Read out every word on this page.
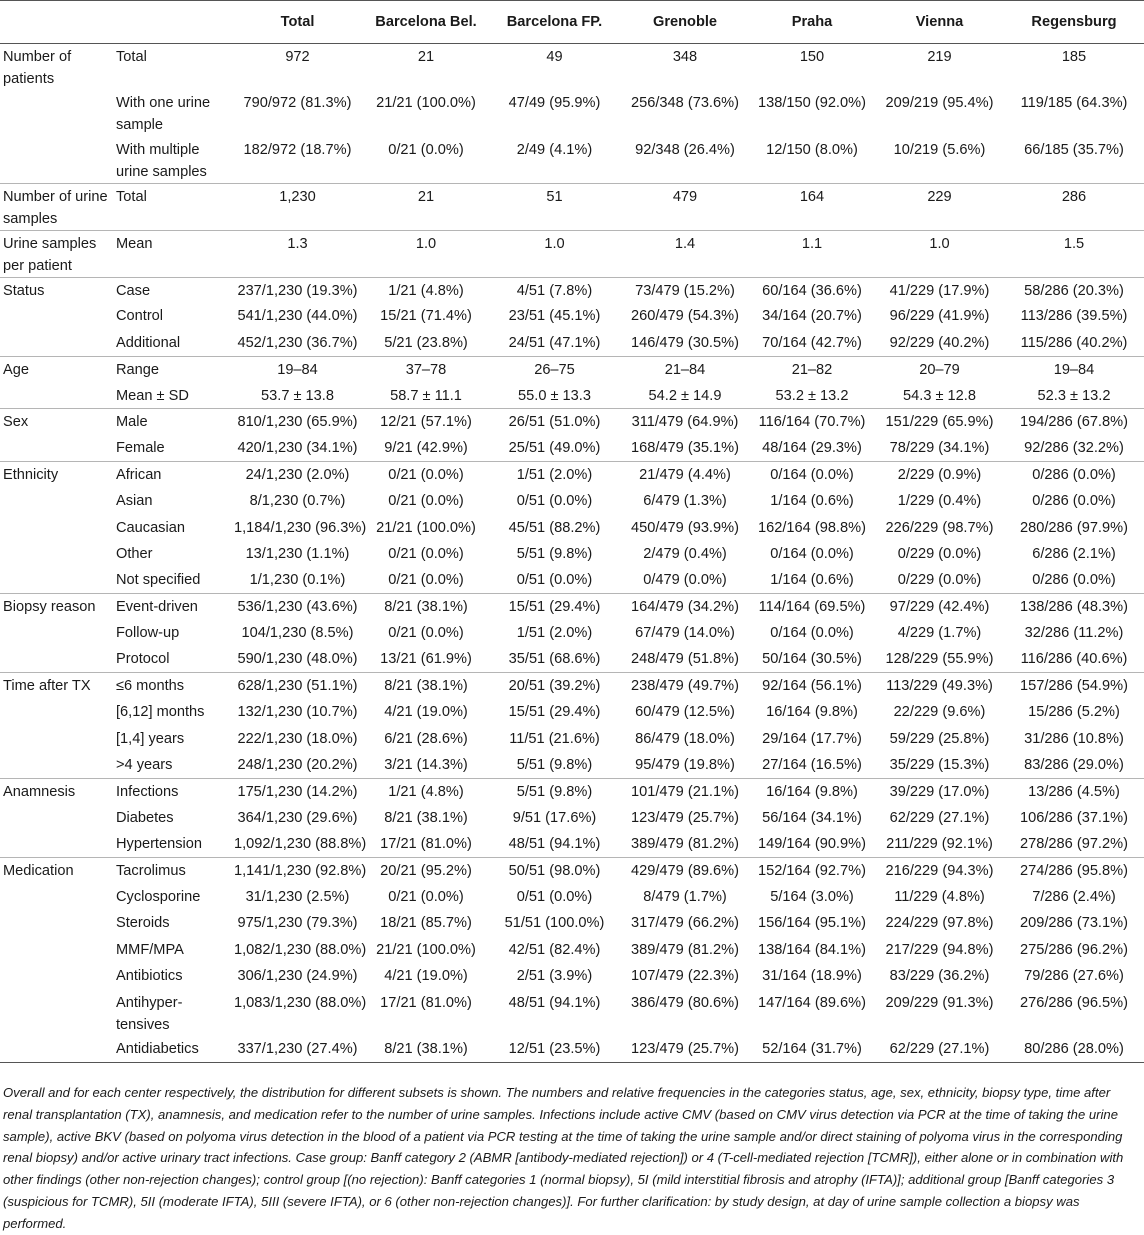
		Total	Barcelona Bel.	Barcelona FP.	Grenoble	Praha	Vienna	Regensburg
Number of patients	Total	972	21	49	348	150	219	185
	With one urine sample	790/972 (81.3%)	21/21 (100.0%)	47/49 (95.9%)	256/348 (73.6%)	138/150 (92.0%)	209/219 (95.4%)	119/185 (64.3%)
	With multiple urine samples	182/972 (18.7%)	0/21 (0.0%)	2/49 (4.1%)	92/348 (26.4%)	12/150 (8.0%)	10/219 (5.6%)	66/185 (35.7%)
Number of urine samples	Total	1,230	21	51	479	164	229	286
Urine samples per patient	Mean	1.3	1.0	1.0	1.4	1.1	1.0	1.5
Status	Case	237/1,230 (19.3%)	1/21 (4.8%)	4/51 (7.8%)	73/479 (15.2%)	60/164 (36.6%)	41/229 (17.9%)	58/286 (20.3%)
	Control	541/1,230 (44.0%)	15/21 (71.4%)	23/51 (45.1%)	260/479 (54.3%)	34/164 (20.7%)	96/229 (41.9%)	113/286 (39.5%)
	Additional	452/1,230 (36.7%)	5/21 (23.8%)	24/51 (47.1%)	146/479 (30.5%)	70/164 (42.7%)	92/229 (40.2%)	115/286 (40.2%)
Age	Range	19–84	37–78	26–75	21–84	21–82	20–79	19–84
	Mean ± SD	53.7 ± 13.8	58.7 ± 11.1	55.0 ± 13.3	54.2 ± 14.9	53.2 ± 13.2	54.3 ± 12.8	52.3 ± 13.2
Sex	Male	810/1,230 (65.9%)	12/21 (57.1%)	26/51 (51.0%)	311/479 (64.9%)	116/164 (70.7%)	151/229 (65.9%)	194/286 (67.8%)
	Female	420/1,230 (34.1%)	9/21 (42.9%)	25/51 (49.0%)	168/479 (35.1%)	48/164 (29.3%)	78/229 (34.1%)	92/286 (32.2%)
Ethnicity	African	24/1,230 (2.0%)	0/21 (0.0%)	1/51 (2.0%)	21/479 (4.4%)	0/164 (0.0%)	2/229 (0.9%)	0/286 (0.0%)
	Asian	8/1,230 (0.7%)	0/21 (0.0%)	0/51 (0.0%)	6/479 (1.3%)	1/164 (0.6%)	1/229 (0.4%)	0/286 (0.0%)
	Caucasian	1,184/1,230 (96.3%)	21/21 (100.0%)	45/51 (88.2%)	450/479 (93.9%)	162/164 (98.8%)	226/229 (98.7%)	280/286 (97.9%)
	Other	13/1,230 (1.1%)	0/21 (0.0%)	5/51 (9.8%)	2/479 (0.4%)	0/164 (0.0%)	0/229 (0.0%)	6/286 (2.1%)
	Not specified	1/1,230 (0.1%)	0/21 (0.0%)	0/51 (0.0%)	0/479 (0.0%)	1/164 (0.6%)	0/229 (0.0%)	0/286 (0.0%)
Biopsy reason	Event-driven	536/1,230 (43.6%)	8/21 (38.1%)	15/51 (29.4%)	164/479 (34.2%)	114/164 (69.5%)	97/229 (42.4%)	138/286 (48.3%)
	Follow-up	104/1,230 (8.5%)	0/21 (0.0%)	1/51 (2.0%)	67/479 (14.0%)	0/164 (0.0%)	4/229 (1.7%)	32/286 (11.2%)
	Protocol	590/1,230 (48.0%)	13/21 (61.9%)	35/51 (68.6%)	248/479 (51.8%)	50/164 (30.5%)	128/229 (55.9%)	116/286 (40.6%)
Time after TX	≤6 months	628/1,230 (51.1%)	8/21 (38.1%)	20/51 (39.2%)	238/479 (49.7%)	92/164 (56.1%)	113/229 (49.3%)	157/286 (54.9%)
	[6,12] months	132/1,230 (10.7%)	4/21 (19.0%)	15/51 (29.4%)	60/479 (12.5%)	16/164 (9.8%)	22/229 (9.6%)	15/286 (5.2%)
	[1,4] years	222/1,230 (18.0%)	6/21 (28.6%)	11/51 (21.6%)	86/479 (18.0%)	29/164 (17.7%)	59/229 (25.8%)	31/286 (10.8%)
	>4 years	248/1,230 (20.2%)	3/21 (14.3%)	5/51 (9.8%)	95/479 (19.8%)	27/164 (16.5%)	35/229 (15.3%)	83/286 (29.0%)
Anamnesis	Infections	175/1,230 (14.2%)	1/21 (4.8%)	5/51 (9.8%)	101/479 (21.1%)	16/164 (9.8%)	39/229 (17.0%)	13/286 (4.5%)
	Diabetes	364/1,230 (29.6%)	8/21 (38.1%)	9/51 (17.6%)	123/479 (25.7%)	56/164 (34.1%)	62/229 (27.1%)	106/286 (37.1%)
	Hypertension	1,092/1,230 (88.8%)	17/21 (81.0%)	48/51 (94.1%)	389/479 (81.2%)	149/164 (90.9%)	211/229 (92.1%)	278/286 (97.2%)
Medication	Tacrolimus	1,141/1,230 (92.8%)	20/21 (95.2%)	50/51 (98.0%)	429/479 (89.6%)	152/164 (92.7%)	216/229 (94.3%)	274/286 (95.8%)
	Cyclosporine	31/1,230 (2.5%)	0/21 (0.0%)	0/51 (0.0%)	8/479 (1.7%)	5/164 (3.0%)	11/229 (4.8%)	7/286 (2.4%)
	Steroids	975/1,230 (79.3%)	18/21 (85.7%)	51/51 (100.0%)	317/479 (66.2%)	156/164 (95.1%)	224/229 (97.8%)	209/286 (73.1%)
	MMF/MPA	1,082/1,230 (88.0%)	21/21 (100.0%)	42/51 (82.4%)	389/479 (81.2%)	138/164 (84.1%)	217/229 (94.8%)	275/286 (96.2%)
	Antibiotics	306/1,230 (24.9%)	4/21 (19.0%)	2/51 (3.9%)	107/479 (22.3%)	31/164 (18.9%)	83/229 (36.2%)	79/286 (27.6%)
	Antihyper-tensives	1,083/1,230 (88.0%)	17/21 (81.0%)	48/51 (94.1%)	386/479 (80.6%)	147/164 (89.6%)	209/229 (91.3%)	276/286 (96.5%)
	Antidiabetics	337/1,230 (27.4%)	8/21 (38.1%)	12/51 (23.5%)	123/479 (25.7%)	52/164 (31.7%)	62/229 (27.1%)	80/286 (28.0%)

Overall and for each center respectively, the distribution for different subsets is shown. The numbers and relative frequencies in the categories status, age, sex, ethnicity, biopsy type, time after renal transplantation (TX), anamnesis, and medication refer to the number of urine samples. Infections include active CMV (based on CMV virus detection via PCR at the time of taking the urine sample), active BKV (based on polyoma virus detection in the blood of a patient via PCR testing at the time of taking the urine sample and/or direct staining of polyoma virus in the corresponding renal biopsy) and/or active urinary tract infections. Case group: Banff category 2 (ABMR [antibody-mediated rejection]) or 4 (T-cell-mediated rejection [TCMR]), either alone or in combination with other findings (other non-rejection changes); control group [(no rejection): Banff categories 1 (normal biopsy), 5I (mild interstitial fibrosis and atrophy (IFTA)]; additional group [Banff categories 3 (suspicious for TCMR), 5II (moderate IFTA), 5III (severe IFTA), or 6 (other non-rejection changes)]. For further clarification: by study design, at day of urine sample collection a biopsy was performed.
